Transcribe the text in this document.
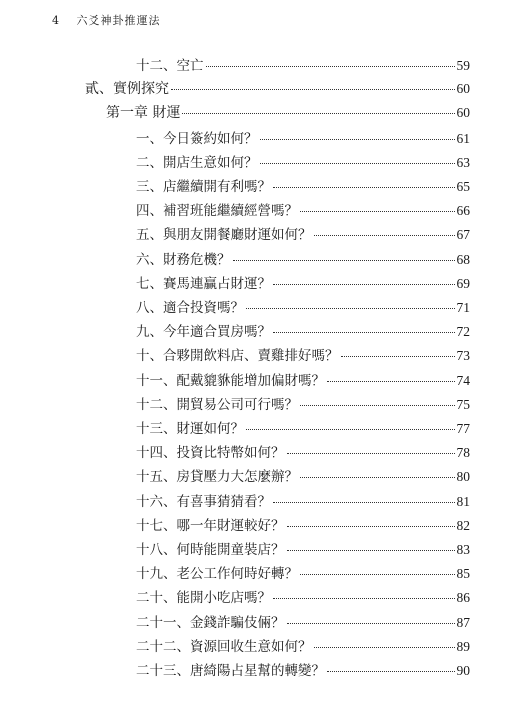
4 六爻神卦推運法
十二、空亡	59
貳、實例探究	60
第一章 財運	60
一、今日簽約如何？	61
二、開店生意如何？	63
三、店繼續開有利嗎？	65
四、補習班能繼續經營嗎？	66
五、與朋友開餐廳財運如何？	67
六、財務危機？	68
七、賽馬連贏占財運？	69
八、適合投資嗎？	71
九、今年適合買房嗎？	72
十、合夥開飲料店、賣雞排好嗎？	73
十一、配戴貔貅能增加偏財嗎？	74
十二、開貿易公司可行嗎？	75
十三、財運如何？	77
十四、投資比特幣如何？	78
十五、房貸壓力大怎麼辦？	80
十六、有喜事猜猜看？	81
十七、哪一年財運較好？	82
十八、何時能開童裝店？	83
十九、老公工作何時好轉？	85
二十、能開小吃店嗎？	86
二十一、金錢詐騙伎倆？	87
二十二、資源回收生意如何？	89
二十三、唐綺陽占星幫的轉變？	90
